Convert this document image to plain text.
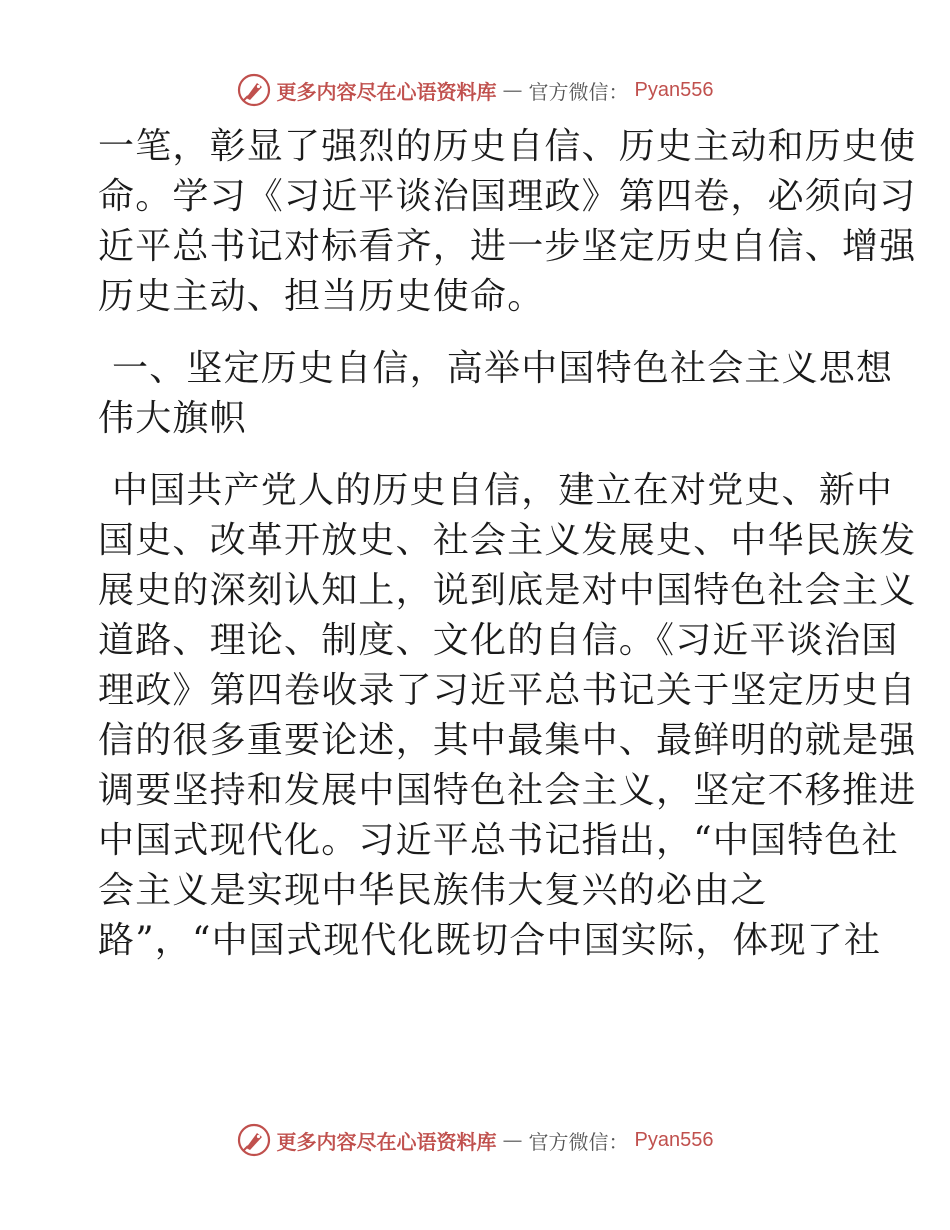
更多内容尽在心语资料库 — 官方微信： Pyan556
一笔，彰显了强烈的历史自信、历史主动和历史使
命。学习《习近平谈治国理政》第四卷，必须向习
近平总书记对标看齐，进一步坚定历史自信、增强
历史主动、担当历史使命。
一、坚定历史自信，高举中国特色社会主义思想
伟大旗帜
中国共产党人的历史自信，建立在对党史、新中
国史、改革开放史、社会主义发展史、中华民族发
展史的深刻认知上，说到底是对中国特色社会主义
道路、理论、制度、文化的自信。《习近平谈治国
理政》第四卷收录了习近平总书记关于坚定历史自
信的很多重要论述，其中最集中、最鲜明的就是强
调要坚持和发展中国特色社会主义，坚定不移推进
中国式现代化。习近平总书记指出，“中国特色社
会主义是实现中华民族伟大复兴的必由之
路”，“中国式现代化既切合中国实际，体现了社
更多内容尽在心语资料库 — 官方微信： Pyan556
